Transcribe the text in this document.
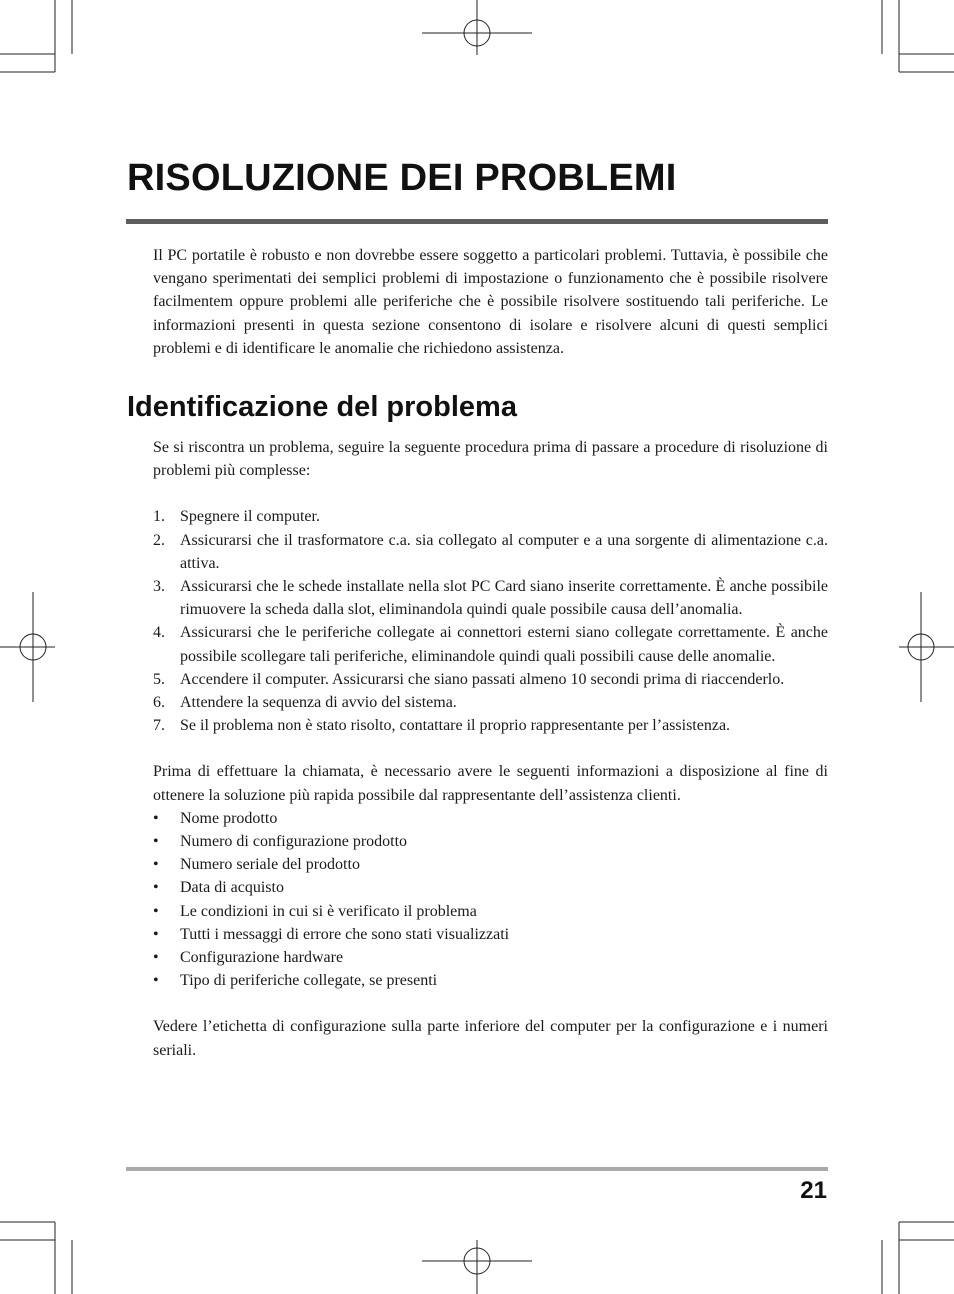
RISOLUZIONE DEI PROBLEMI

Il PC portatile è robusto e non dovrebbe essere soggetto a particolari problemi. Tuttavia, è possibile che vengano sperimentati dei semplici problemi di impostazione o funzionamento che è possibile risolvere facilmentem oppure problemi alle periferiche che è possibile risolvere sostituendo tali periferiche. Le informazioni presenti in questa sezione consentono di isolare e risolvere alcuni di questi semplici problemi e di identificare le anomalie che richiedono assistenza.

Identificazione del problema

Se si riscontra un problema, seguire la seguente procedura prima di passare a procedure di risoluzione di problemi più complesse:

1. Spegnere il computer.
2. Assicurarsi che il trasformatore c.a. sia collegato al computer e a una sorgente di alimentazione c.a. attiva.
3. Assicurarsi che le schede installate nella slot PC Card siano inserite correttamente. È anche possibile rimuovere la scheda dalla slot, eliminandola quindi quale possibile causa dell’anomalia.
4. Assicurarsi che le periferiche collegate ai connettori esterni siano collegate correttamente. È anche possibile scollegare tali periferiche, eliminandole quindi quali possibili cause delle anomalie.
5. Accendere il computer. Assicurarsi che siano passati almeno 10 secondi prima di riaccenderlo.
6. Attendere la sequenza di avvio del sistema.
7. Se il problema non è stato risolto, contattare il proprio rappresentante per l’assistenza.

Prima di effettuare la chiamata, è necessario avere le seguenti informazioni a disposizione al fine di ottenere la soluzione più rapida possibile dal rappresentante dell’assistenza clienti.

• Nome prodotto
• Numero di configurazione prodotto
• Numero seriale del prodotto
• Data di acquisto
• Le condizioni in cui si è verificato il problema
• Tutti i messaggi di errore che sono stati visualizzati
• Configurazione hardware
• Tipo di periferiche collegate, se presenti

Vedere l’etichetta di configurazione sulla parte inferiore del computer per la configurazione e i numeri seriali.

21
